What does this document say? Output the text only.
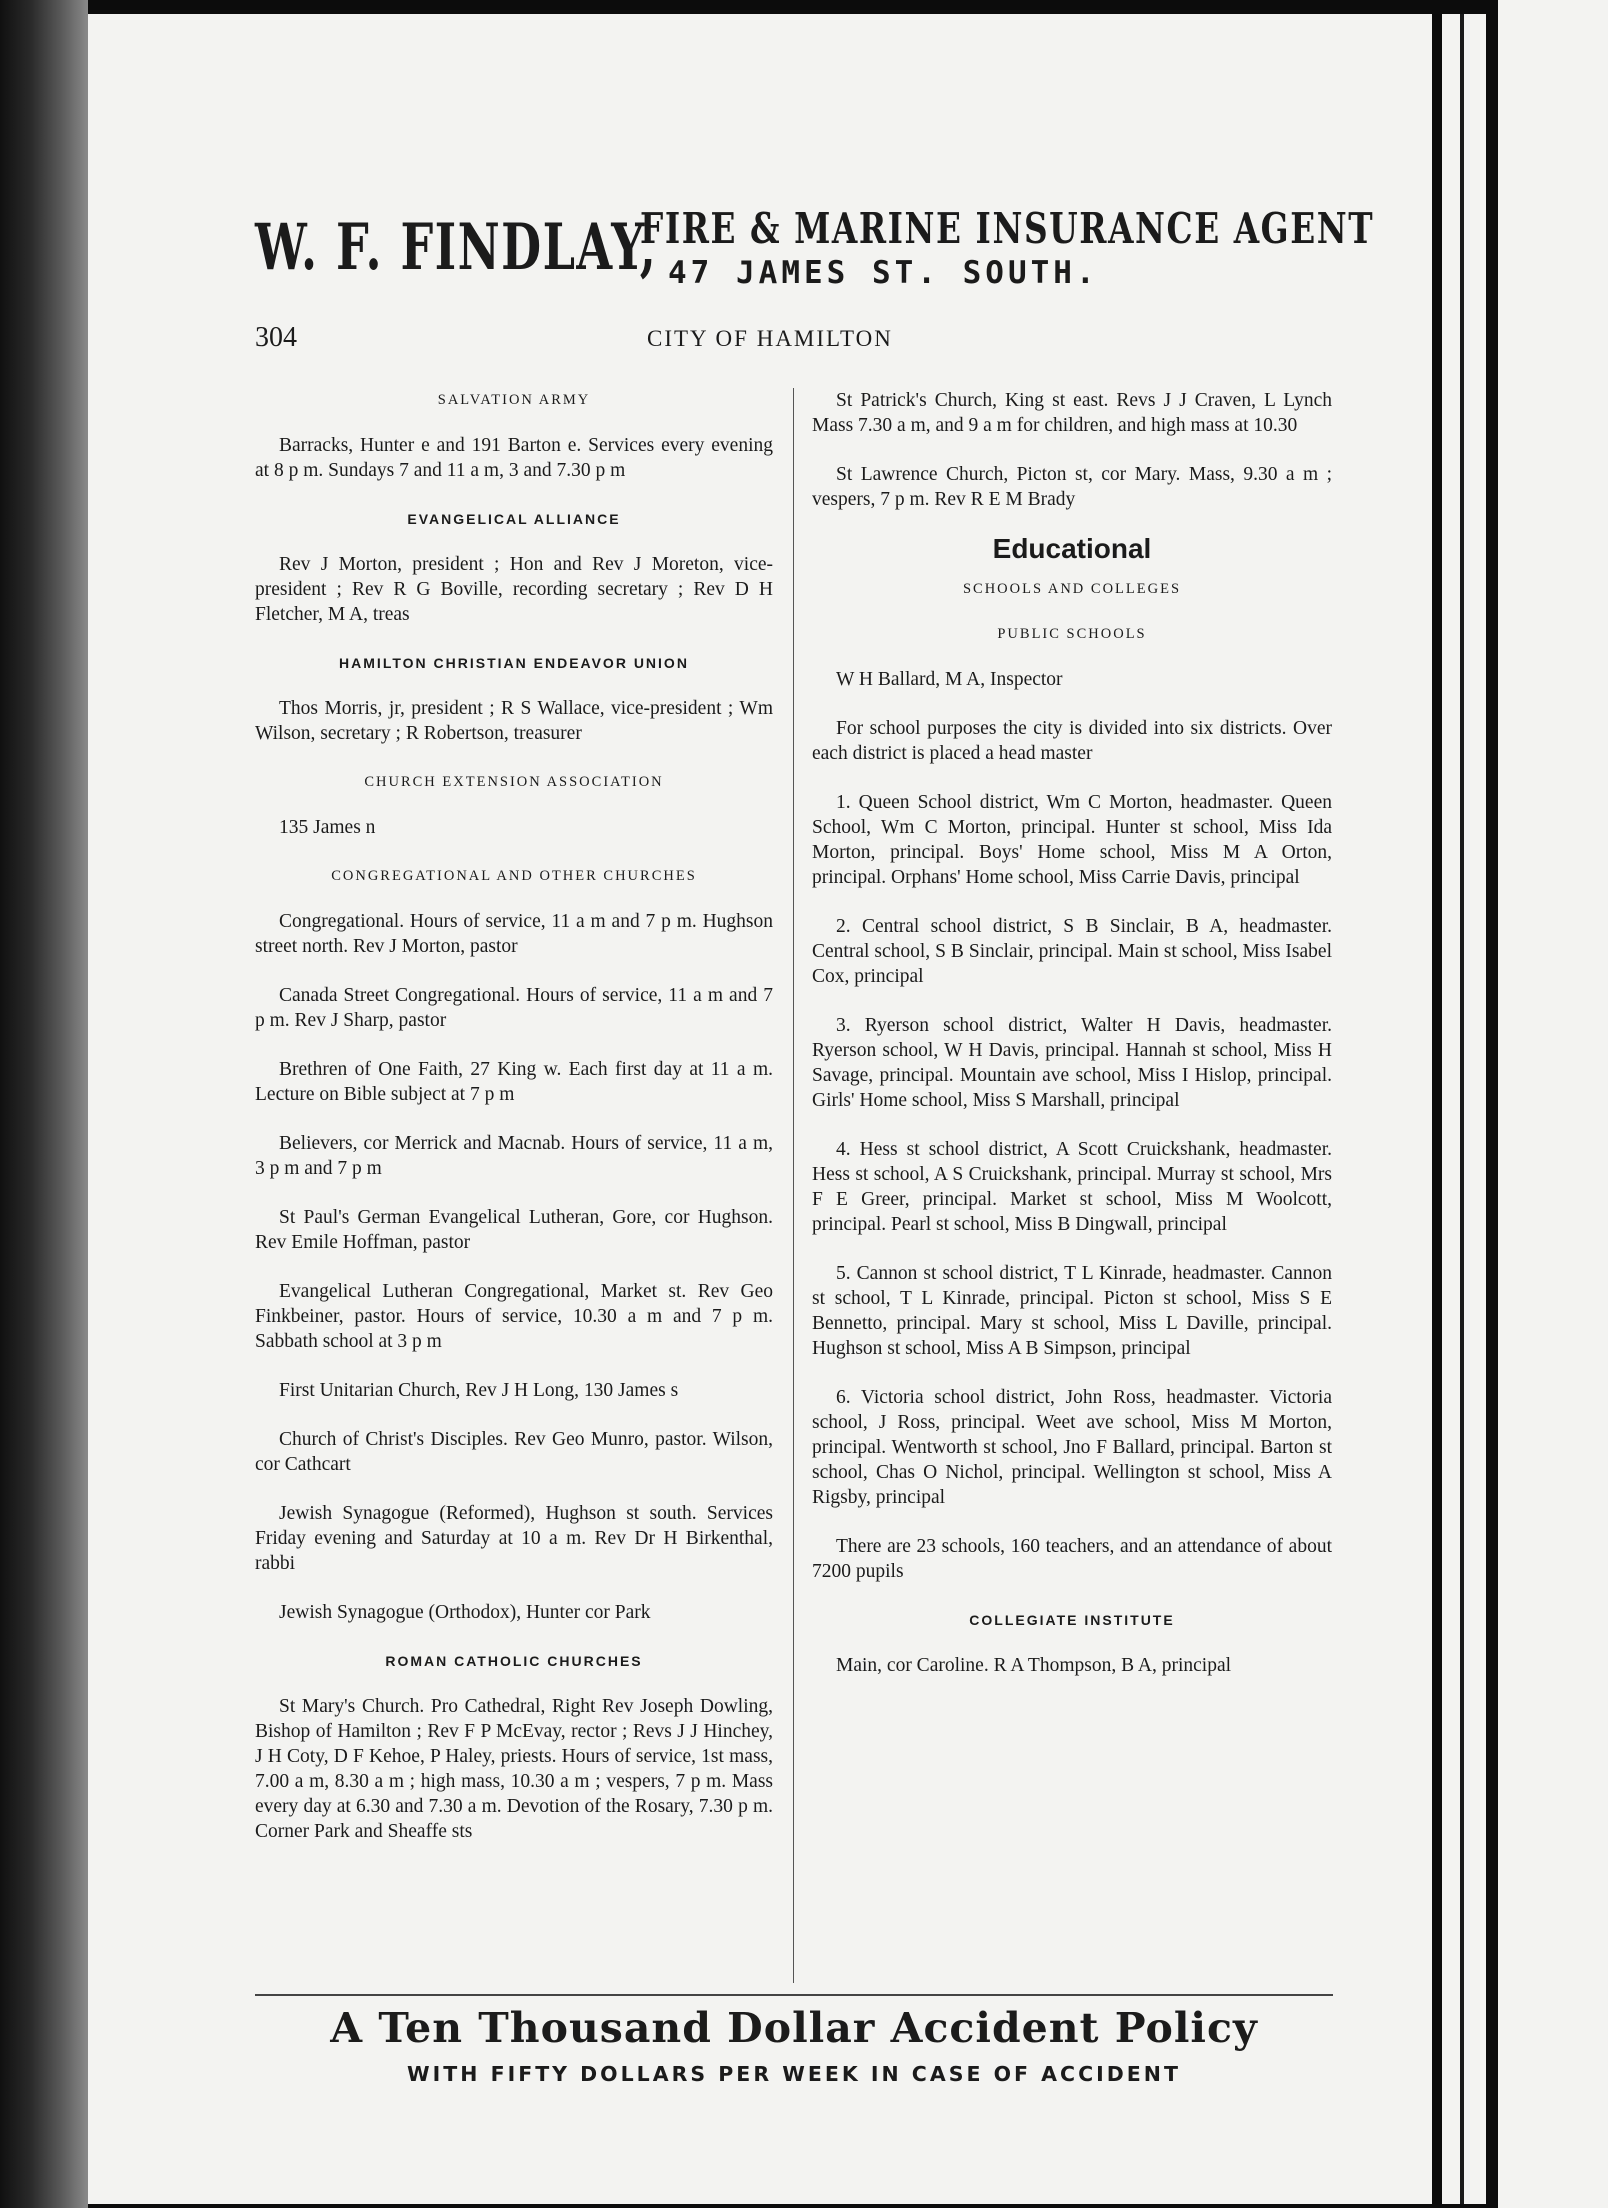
W. F. FINDLAY,
FIRE & MARINE INSURANCE AGENT
47 JAMES ST. SOUTH.
304	CITY OF HAMILTON
SALVATION ARMY
Barracks, Hunter e and 191 Barton e. Services every evening at 8 p m. Sundays 7 and 11 a m, 3 and 7.30 p m
EVANGELICAL ALLIANCE
Rev J Morton, president ; Hon and Rev J Moreton, vice-president ; Rev R G Boville, recording secretary ; Rev D H Fletcher, M A, treas
HAMILTON CHRISTIAN ENDEAVOR UNION
Thos Morris, jr, president ; R S Wallace, vice-president ; Wm Wilson, secretary ; R Robertson, treasurer
CHURCH EXTENSION ASSOCIATION
135 James n
CONGREGATIONAL AND OTHER CHURCHES
Congregational. Hours of service, 11 a m and 7 p m. Hughson street north. Rev J Morton, pastor
Canada Street Congregational. Hours of service, 11 a m and 7 p m. Rev J Sharp, pastor
Brethren of One Faith, 27 King w. Each first day at 11 a m. Lecture on Bible subject at 7 p m
Believers, cor Merrick and Macnab. Hours of service, 11 a m, 3 p m and 7 p m
St Paul's German Evangelical Lutheran, Gore, cor Hughson. Rev Emile Hoffman, pastor
Evangelical Lutheran Congregational, Market st. Rev Geo Finkbeiner, pastor. Hours of service, 10.30 a m and 7 p m. Sabbath school at 3 p m
First Unitarian Church, Rev J H Long, 130 James s
Church of Christ's Disciples. Rev Geo Munro, pastor. Wilson, cor Cathcart
Jewish Synagogue (Reformed), Hughson st south. Services Friday evening and Saturday at 10 a m. Rev Dr H Birkenthal, rabbi
Jewish Synagogue (Orthodox), Hunter cor Park
ROMAN CATHOLIC CHURCHES
St Mary's Church. Pro Cathedral, Right Rev Joseph Dowling, Bishop of Hamilton ; Rev F P McEvay, rector ; Revs J J Hinchey, J H Coty, D F Kehoe, P Haley, priests. Hours of service, 1st mass, 7.00 a m, 8.30 a m ; high mass, 10.30 a m ; vespers, 7 p m. Mass every day at 6.30 and 7.30 a m. Devotion of the Rosary, 7.30 p m. Corner Park and Sheaffe sts
St Patrick's Church, King st east. Revs J J Craven, L Lynch Mass 7.30 a m, and 9 a m for children, and high mass at 10.30
St Lawrence Church, Picton st, cor Mary. Mass, 9.30 a m ; vespers, 7 p m. Rev R E M Brady
Educational
SCHOOLS AND COLLEGES
PUBLIC SCHOOLS
W H Ballard, M A, Inspector
For school purposes the city is divided into six districts. Over each district is placed a head master
1. Queen School district, Wm C Morton, headmaster. Queen School, Wm C Morton, principal. Hunter st school, Miss Ida Morton, principal. Boys' Home school, Miss M A Orton, principal. Orphans' Home school, Miss Carrie Davis, principal
2. Central school district, S B Sinclair, B A, headmaster. Central school, S B Sinclair, principal. Main st school, Miss Isabel Cox, principal
3. Ryerson school district, Walter H Davis, headmaster. Ryerson school, W H Davis, principal. Hannah st school, Miss H Savage, principal. Mountain ave school, Miss I Hislop, principal. Girls' Home school, Miss S Marshall, principal
4. Hess st school district, A Scott Cruickshank, headmaster. Hess st school, A S Cruickshank, principal. Murray st school, Mrs F E Greer, principal. Market st school, Miss M Woolcott, principal. Pearl st school, Miss B Dingwall, principal
5. Cannon st school district, T L Kinrade, headmaster. Cannon st school, T L Kinrade, principal. Picton st school, Miss S E Bennetto, principal. Mary st school, Miss L Daville, principal. Hughson st school, Miss A B Simpson, principal
6. Victoria school district, John Ross, headmaster. Victoria school, J Ross, principal. Weet ave school, Miss M Morton, principal. Wentworth st school, Jno F Ballard, principal. Barton st school, Chas O Nichol, principal. Wellington st school, Miss A Rigsby, principal
There are 23 schools, 160 teachers, and an attendance of about 7200 pupils
COLLEGIATE INSTITUTE
Main, cor Caroline. R A Thompson, B A, principal
A Ten Thousand Dollar Accident Policy
WITH FIFTY DOLLARS PER WEEK IN CASE OF ACCIDENT
